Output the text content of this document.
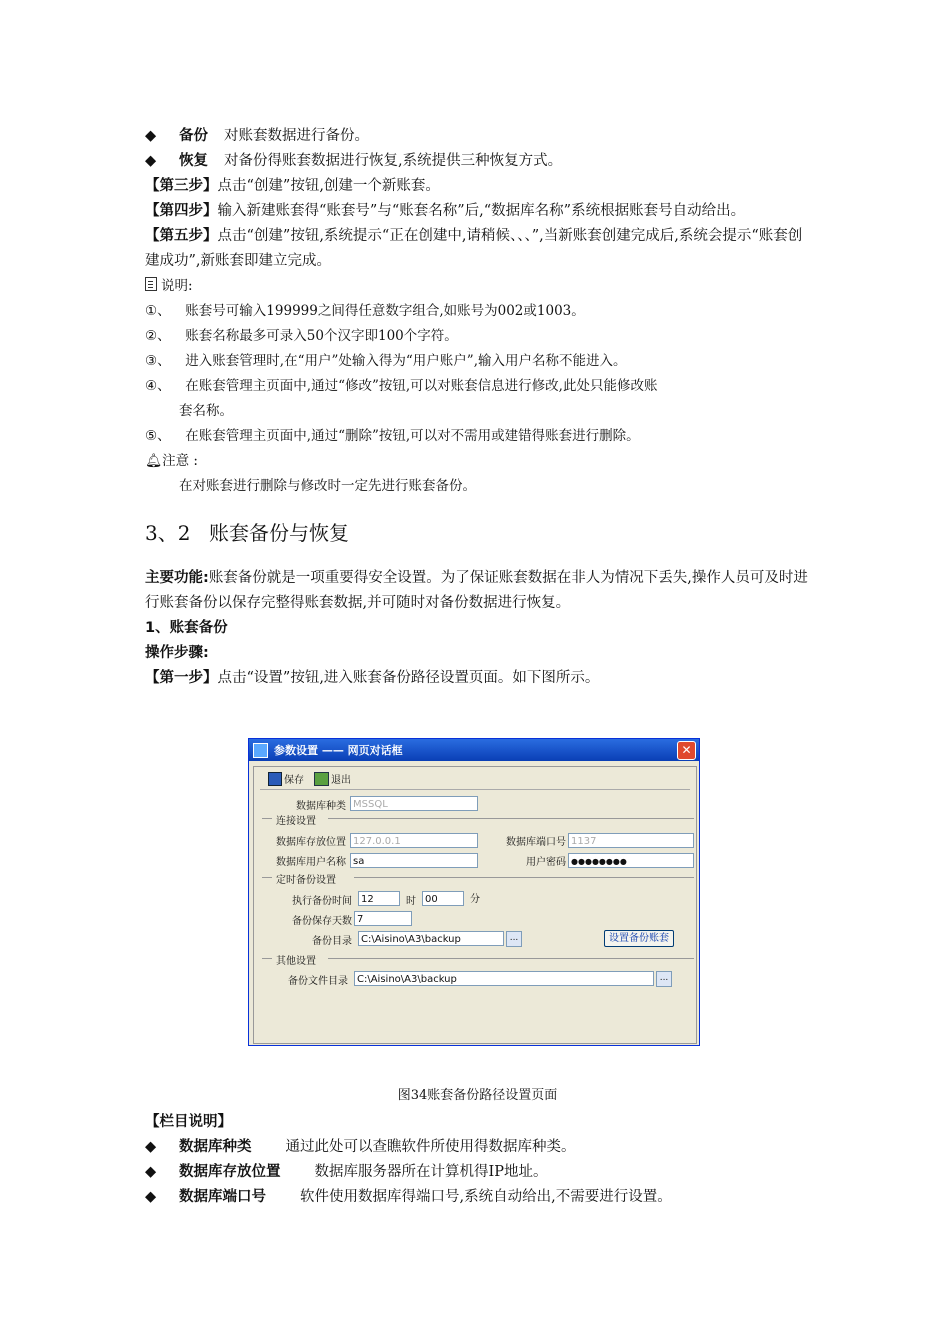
◆ 备份 对账套数据进行备份。
◆ 恢复 对备份得账套数据进行恢复,系统提供三种恢复方式。
【第三步】点击“创建”按钮,创建一个新账套。
【第四步】输入新建账套得“账套号”与“账套名称”后,“数据库名称”系统根据账套号自动给出。
【第五步】点击“创建”按钮,系统提示“正在创建中,请稍候、、、”,当新账套创建完成后,系统会提示“账套创建成功”,新账套即建立完成。
说明:
①、 账套号可输入199999之间得任意数字组合,如账号为002或1003。
②、 账套名称最多可录入50个汉字即100个字符。
③、 进入账套管理时,在“用户”处输入得为“用户账户”,输入用户名称不能进入。
④、 在账套管理主页面中,通过“修改”按钮,可以对账套信息进行修改,此处只能修改账
套名称。
⑤、 在账套管理主页面中,通过“删除”按钮,可以对不需用或建错得账套进行删除。
🔔︎注意 :
在对账套进行删除与修改时一定先进行账套备份。
3、2 账套备份与恢复
主要功能:账套备份就是一项重要得安全设置。为了保证账套数据在非人为情况下丢失,操作人员可及时进行账套备份以保存完整得账套数据,并可随时对备份数据进行恢复。
1、账套备份
操作步骤:
【第一步】点击“设置”按钮,进入账套备份路径设置页面。如下图所示。
参数设置 —— 网页对话框	✕
保存	退出
数据库种类 MSSQL
连接设置
数据库存放位置 127.0.0.1	数据库端口号 1137
数据库用户名称 sa	用户密码 ●●●●●●●●
定时备份设置
执行备份时间 12	时 00	分
备份保存天数 7
备份目录 C:\Aisino\A3\backup	...	设置备份账套
其他设置
备份文件目录 C:\Aisino\A3\backup	...
图34账套备份路径设置页面
【栏目说明】
◆ 数据库种类 通过此处可以查瞧软件所使用得数据库种类。
◆ 数据库存放位置 数据库服务器所在计算机得IP地址。
◆ 数据库端口号 软件使用数据库得端口号,系统自动给出,不需要进行设置。
